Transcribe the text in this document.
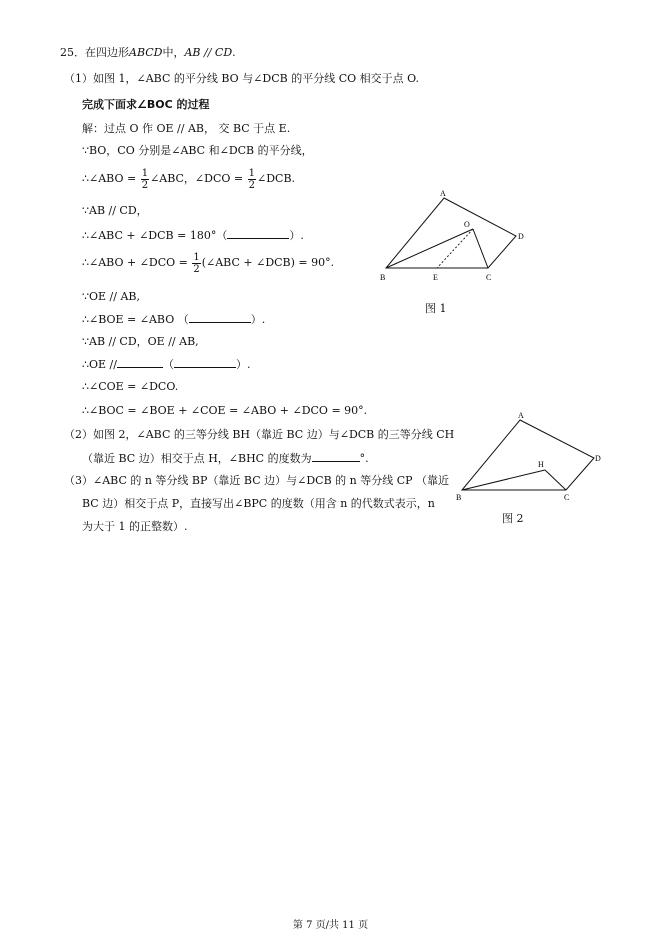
25．在四边形ABCD中，AB // CD.
（1）如图 1，∠ABC 的平分线 BO 与∠DCB 的平分线 CO 相交于点 O.
完成下面求∠BOC 的过程
解：过点 O 作 OE // AB， 交 BC 于点 E.
∵BO，CO 分别是∠ABC 和∠DCB 的平分线，
∴∠ABO = $\frac{1}{2}$ ∠ABC，∠DCO = $\frac{1}{2}$ ∠DCB.
∵AB // CD，
∴∠ABC + ∠DCB = 180°（	）.
∴∠ABO + ∠DCO = $\frac{1}{2}$ (∠ABC + ∠DCB) = 90°.
∵OE // AB,
∴∠BOE = ∠ABO （	）.
∵AB // CD，OE // AB,
∴OE //	（	）.
∴∠COE = ∠DCO.
∴∠BOC = ∠BOE + ∠COE = ∠ABO + ∠DCO = 90°.
（2）如图 2，∠ABC 的三等分线 BH（靠近 BC 边）与∠DCB 的三等分线 CH
（靠近 BC 边）相交于点 H，∠BHC 的度数为	°.
（3）∠ABC 的 n 等分线 BP（靠近 BC 边）与∠DCB 的 n 等分线 CP （靠近
BC 边）相交于点 P，直接写出∠BPC 的度数（用含 n 的代数式表示，n
为大于 1 的正整数）.
A
O
D
B	E	C
图 1
A
H
D
B	C
图 2
第 7 页/共 11 页
